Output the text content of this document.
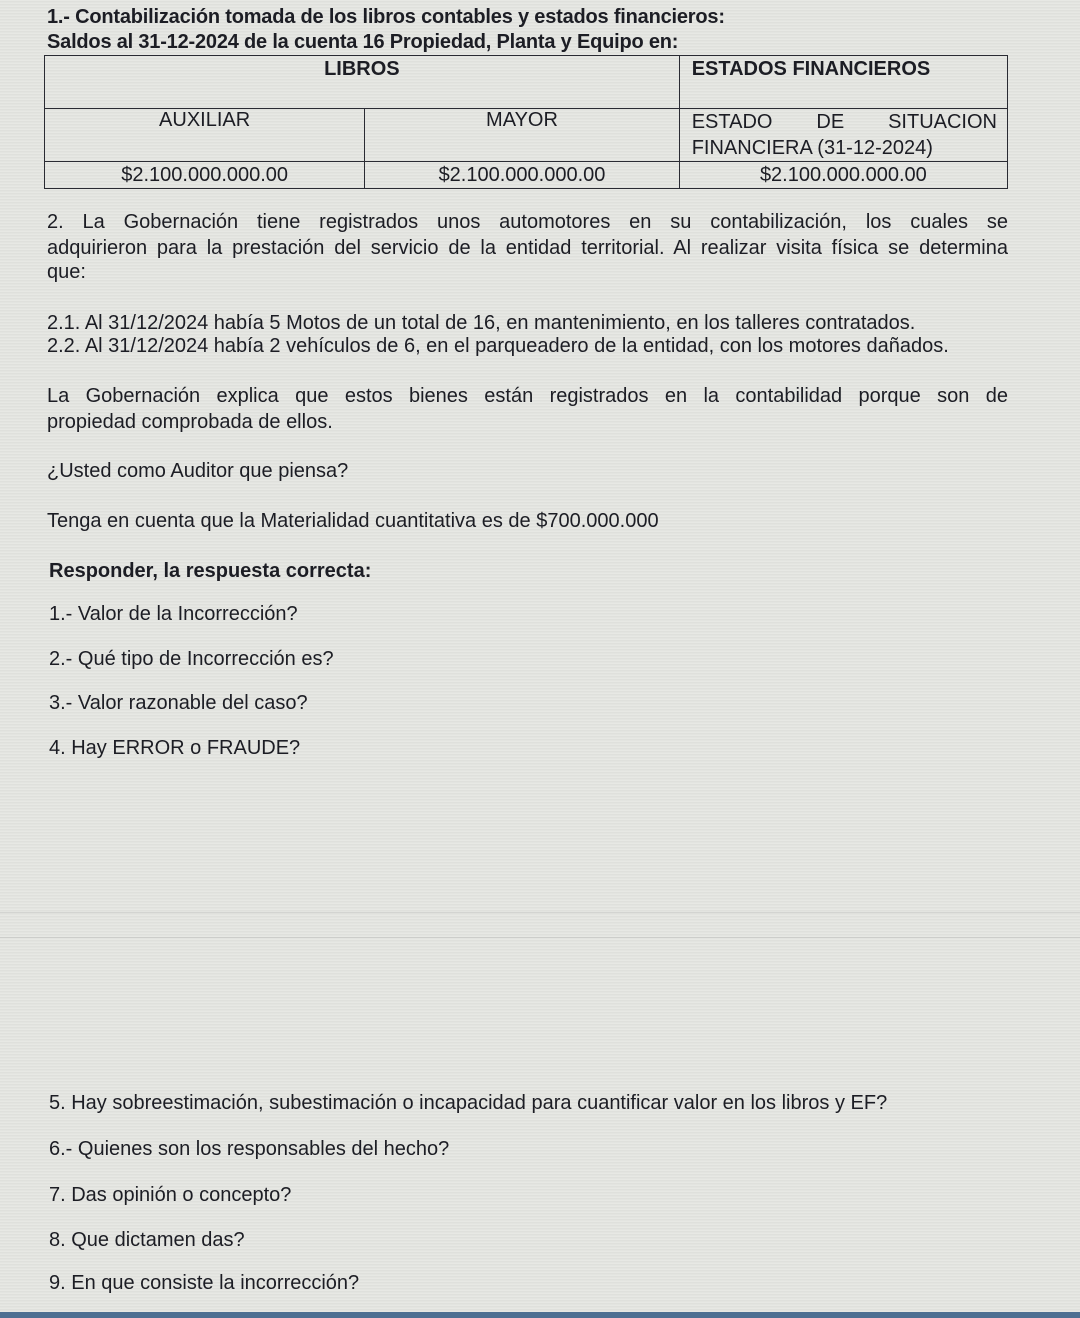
1.- Contabilización tomada de los libros contables y estados financieros:
Saldos al 31-12-2024 de la cuenta 16 Propiedad, Planta y Equipo en:
LIBROS		ESTADOS FINANCIEROS
AUXILIAR	MAYOR	ESTADO DE SITUACION
FINANCIERA (31-12-2024)

$2.100.000.000.00	$2.100.000.000.00	$2.100.000.000.00
2. La Gobernación tiene registrados unos automotores en su contabilización, los cuales se
adquirieron para la prestación del servicio de la entidad territorial. Al realizar visita física se determina
que:
2.1. Al 31/12/2024 había 5 Motos de un total de 16, en mantenimiento, en los talleres contratados.
2.2. Al 31/12/2024 había 2 vehículos de 6, en el parqueadero de la entidad, con los motores dañados.
La Gobernación explica que estos bienes están registrados en la contabilidad porque son de
propiedad comprobada de ellos.
¿Usted como Auditor que piensa?
Tenga en cuenta que la Materialidad cuantitativa es de $700.000.000
Responder, la respuesta correcta:
1.- Valor de la Incorrección?
2.- Qué tipo de Incorrección es?
3.- Valor razonable del caso?
4. Hay ERROR o FRAUDE?
5. Hay sobreestimación, subestimación o incapacidad para cuantificar valor en los libros y EF?
6.- Quienes son los responsables del hecho?
7. Das opinión o concepto?
8. Que dictamen das?
9. En que consiste la incorrección?
